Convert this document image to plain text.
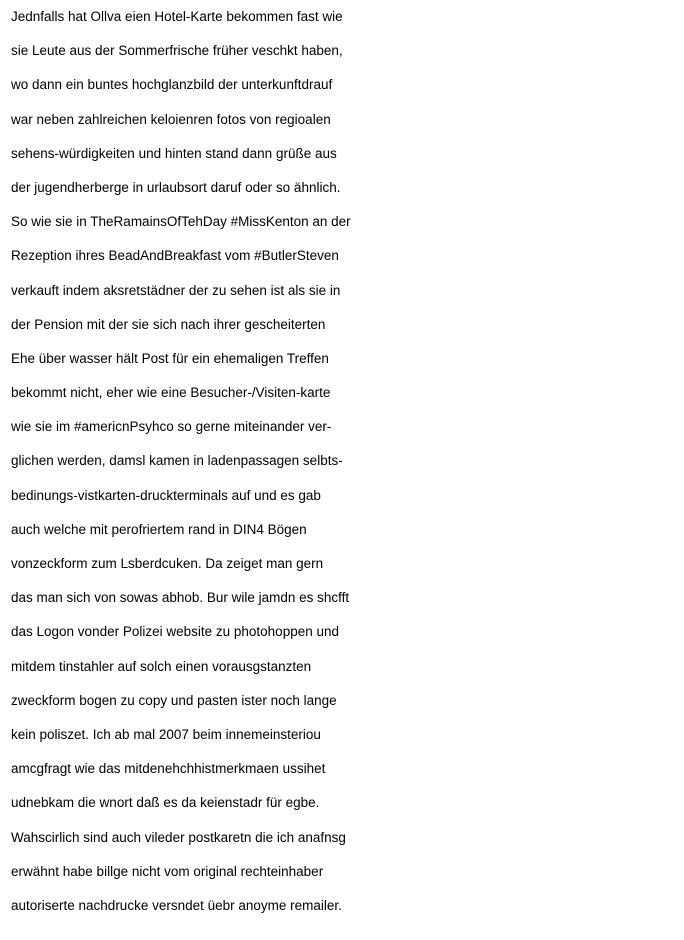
Jednfalls hat Ollva eien Hotel-Karte bekommen fast wie
sie Leute aus der Sommerfrische früher veschkt haben,
wo dann ein buntes hochglanzbild der unterkunftdrauf
war neben zahlreichen keloienren fotos von regioalen
sehens-würdigkeiten und hinten stand dann grüße aus
der jugendherberge in urlaubsort daruf oder so ähnlich.
So wie sie in TheRamainsOfTehDay #MissKenton an der
Rezeption ihres BeadAndBreakfast vom #ButlerSteven
verkauft indem aksretstädner der zu sehen ist als sie in
der Pension mit der sie sich nach ihrer gescheiterten
Ehe über wasser hält Post für ein ehemaligen Treffen
bekommt nicht, eher wie eine Besucher-/Visiten-karte
wie sie im #americnPsyhco so gerne miteinander ver-
glichen werden, damsl kamen in ladenpassagen selbts-
bedinungs-vistkarten-druckterminals auf und es gab
auch welche mit perofriertem rand in DIN4 Bögen
vonzeckform zum Lsberdcuken. Da zeiget man gern
das man sich von sowas abhob. Bur wile jamdn es shcfft
das Logon vonder Polizei website zu photohoppen und
mitdem tinstahler auf solch einen vorausgstanzten
zweckform bogen zu copy und pasten ister noch lange
kein poliszet. Ich ab mal 2007 beim innemeinsteriou
amcgfragt wie das mitdenehchhistmerkmaen ussihet
udnebkam die wnort daß es da keienstadr für egbe.
Wahscirlich sind auch vileder postkaretn die ich anafnsg
erwähnt habe billge nicht vom original rechteinhaber
autoriserte nachdrucke versndet üebr anoyme remailer.
